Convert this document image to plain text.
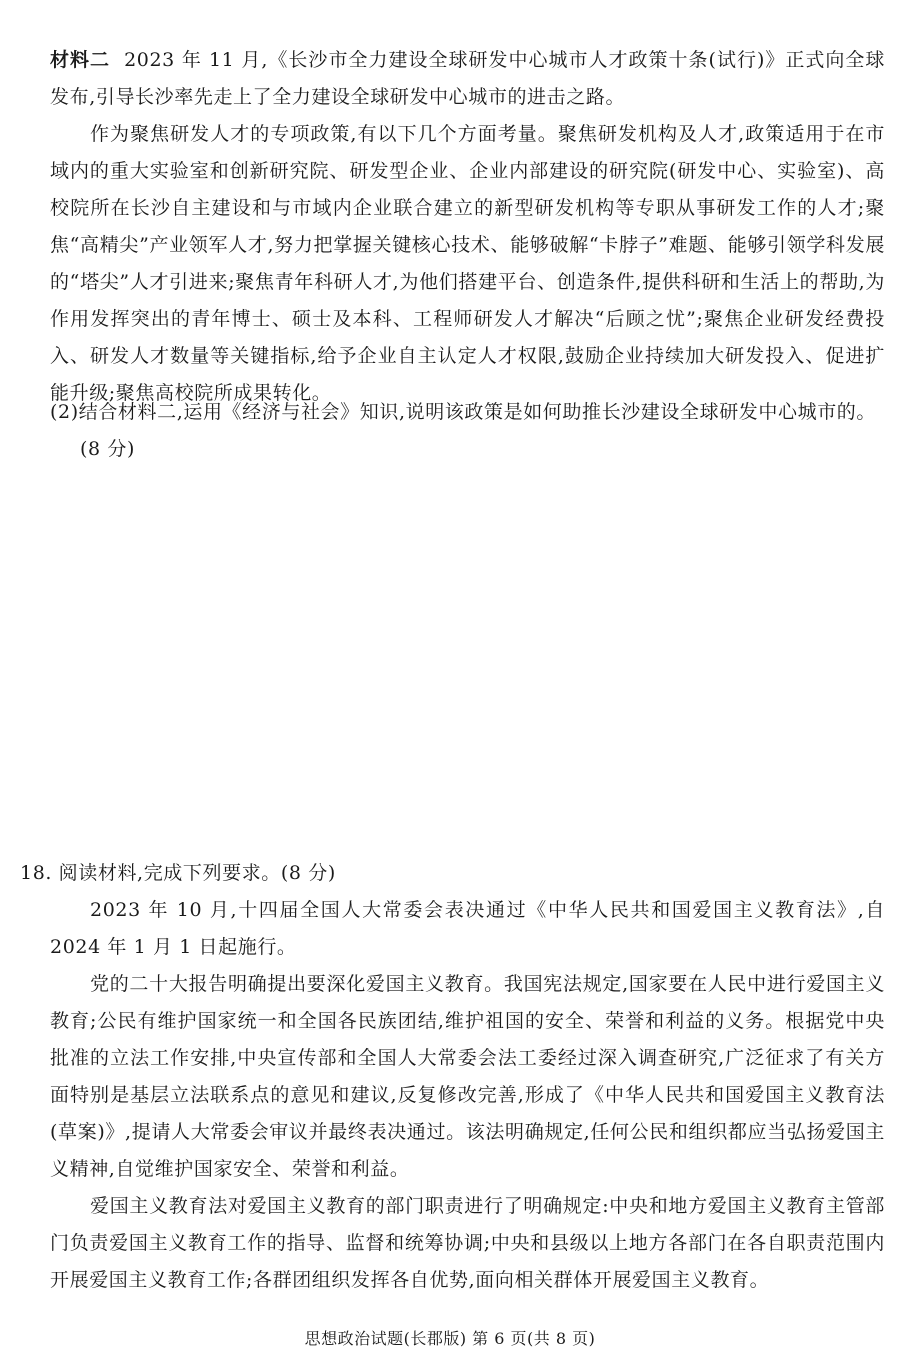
材料二 2023 年 11 月,《长沙市全力建设全球研发中心城市人才政策十条(试行)》正式向全球发布,引导长沙率先走上了全力建设全球研发中心城市的进击之路。

作为聚焦研发人才的专项政策,有以下几个方面考量。聚焦研发机构及人才,政策适用于在市域内的重大实验室和创新研究院、研发型企业、企业内部建设的研究院(研发中心、实验室)、高校院所在长沙自主建设和与市域内企业联合建立的新型研发机构等专职从事研发工作的人才;聚焦“高精尖”产业领军人才,努力把掌握关键核心技术、能够破解“卡脖子”难题、能够引领学科发展的“塔尖”人才引进来;聚焦青年科研人才,为他们搭建平台、创造条件,提供科研和生活上的帮助,为作用发挥突出的青年博士、硕士及本科、工程师研发人才解决“后顾之忧”;聚焦企业研发经费投入、研发人才数量等关键指标,给予企业自主认定人才权限,鼓励企业持续加大研发投入、促进扩能升级;聚焦高校院所成果转化。

(2)结合材料二,运用《经济与社会》知识,说明该政策是如何助推长沙建设全球研发中心城市的。(8 分)

18. 阅读材料,完成下列要求。(8 分)

2023 年 10 月,十四届全国人大常委会表决通过《中华人民共和国爱国主义教育法》,自 2024 年 1 月 1 日起施行。

党的二十大报告明确提出要深化爱国主义教育。我国宪法规定,国家要在人民中进行爱国主义教育;公民有维护国家统一和全国各民族团结,维护祖国的安全、荣誉和利益的义务。根据党中央批准的立法工作安排,中央宣传部和全国人大常委会法工委经过深入调查研究,广泛征求了有关方面特别是基层立法联系点的意见和建议,反复修改完善,形成了《中华人民共和国爱国主义教育法(草案)》,提请人大常委会审议并最终表决通过。该法明确规定,任何公民和组织都应当弘扬爱国主义精神,自觉维护国家安全、荣誉和利益。

爱国主义教育法对爱国主义教育的部门职责进行了明确规定:中央和地方爱国主义教育主管部门负责爱国主义教育工作的指导、监督和统筹协调;中央和县级以上地方各部门在各自职责范围内开展爱国主义教育工作;各群团组织发挥各自优势,面向相关群体开展爱国主义教育。

思想政治试题(长郡版) 第 6 页(共 8 页)
